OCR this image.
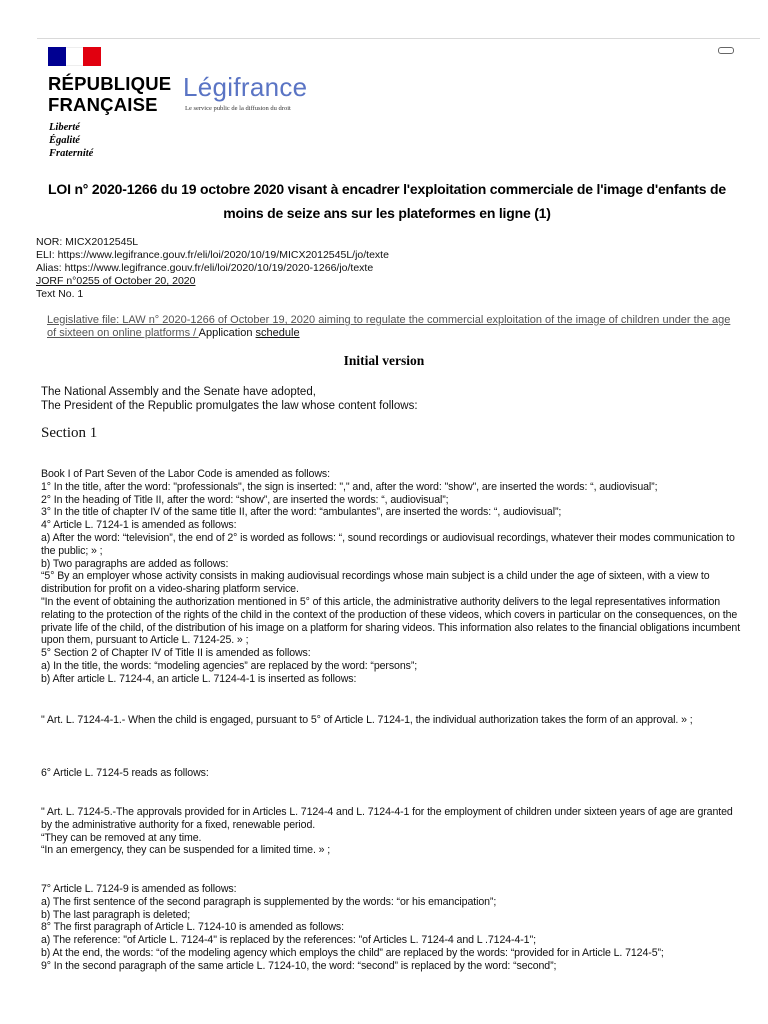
RÉPUBLIQUE
FRANÇAISE
Liberté
Égalité
Fraternité
Légifrance
Le service public de la diffusion du droit
LOI n° 2020-1266 du 19 octobre 2020 visant à encadrer l'exploitation commerciale de l'image d'enfants de moins de seize ans sur les plateformes en ligne (1)
NOR: MICX2012545L
ELI: https://www.legifrance.gouv.fr/eli/loi/2020/10/19/MICX2012545L/jo/texte
Alias: https://www.legifrance.gouv.fr/eli/loi/2020/10/19/2020-1266/jo/texte
JORF n°0255 of October 20, 2020
Text No. 1
Legislative file: LAW n° 2020-1266 of October 19, 2020 aiming to regulate the commercial exploitation of the image of children under the age of sixteen on online platforms / Application schedule
Initial version
The National Assembly and the Senate have adopted,
The President of the Republic promulgates the law whose content follows:
Section 1
Book I of Part Seven of the Labor Code is amended as follows:
1° In the title, after the word: "professionals", the sign is inserted: "," and, after the word: "show", are inserted the words: “, audiovisual”;
2° In the heading of Title II, after the word: “show”, are inserted the words: “, audiovisual”;
3° In the title of chapter IV of the same title II, after the word: “ambulantes”, are inserted the words: “, audiovisual”;
4° Article L. 7124-1 is amended as follows:
a) After the word: “television”, the end of 2° is worded as follows: “, sound recordings or audiovisual recordings, whatever their modes communication to the public; » ;
b) Two paragraphs are added as follows:
“5° By an employer whose activity consists in making audiovisual recordings whose main subject is a child under the age of sixteen, with a view to distribution for profit on a video-sharing platform service.
"In the event of obtaining the authorization mentioned in 5° of this article, the administrative authority delivers to the legal representatives information relating to the protection of the rights of the child in the context of the production of these videos, which covers in particular on the consequences, on the private life of the child, of the distribution of his image on a platform for sharing videos. This information also relates to the financial obligations incumbent upon them, pursuant to Article L. 7124-25. » ;
5° Section 2 of Chapter IV of Title II is amended as follows:
a) In the title, the words: “modeling agencies” are replaced by the word: “persons”;
b) After article L. 7124-4, an article L. 7124-4-1 is inserted as follows:
" Art. L. 7124-4-1.- When the child is engaged, pursuant to 5° of Article L. 7124-1, the individual authorization takes the form of an approval. » ;
6° Article L. 7124-5 reads as follows:
" Art. L. 7124-5.-The approvals provided for in Articles L. 7124-4 and L. 7124-4-1 for the employment of children under sixteen years of age are granted by the administrative authority for a fixed, renewable period.
“They can be removed at any time.
“In an emergency, they can be suspended for a limited time. » ;
7° Article L. 7124-9 is amended as follows:
a) The first sentence of the second paragraph is supplemented by the words: “or his emancipation”;
b) The last paragraph is deleted;
8° The first paragraph of Article L. 7124-10 is amended as follows:
a) The reference: "of Article L. 7124-4" is replaced by the references: "of Articles L. 7124-4 and L .7124-4-1";
b) At the end, the words: “of the modeling agency which employs the child” are replaced by the words: “provided for in Article L. 7124-5”;
9° In the second paragraph of the same article L. 7124-10, the word: “second” is replaced by the word: “second”;
